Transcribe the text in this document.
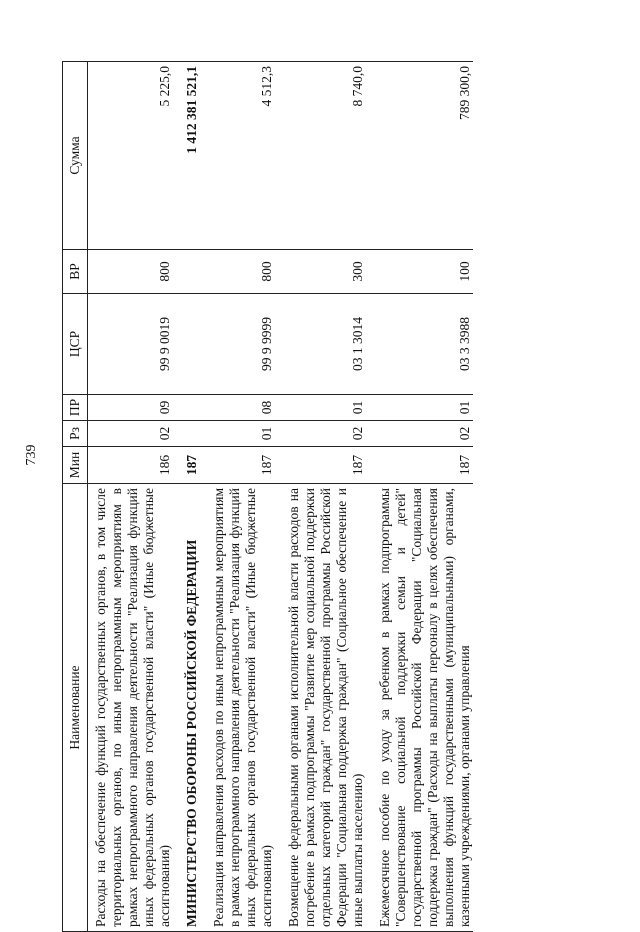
739
Наименование	Мин	Рз	ПР	ЦСР	ВР	Сумма
Расходы на обеспечение функций государственных органов, в том числе территориальных органов, по иным непрограммным мероприятиям в рамках непрограммного направления деятельности "Реализация функций иных федеральных органов государственной власти" (Иные бюджетные ассигнования)	186	02	09	99 9 0019	800	5 225,0
МИНИСТЕРСТВО ОБОРОНЫ РОССИЙСКОЙ ФЕДЕРАЦИИ	187					1 412 381 521,1
Реализация направления расходов по иным непрограммным мероприятиям в рамках непрограммного направления деятельности "Реализация функций иных федеральных органов государственной власти" (Иные бюджетные ассигнования)	187	01	08	99 9 9999	800	4 512,3
Возмещение федеральными органами исполнительной власти расходов на погребение в рамках подпрограммы "Развитие мер социальной поддержки отдельных категорий граждан" государственной программы Российской Федерации "Социальная поддержка граждан" (Социальное обеспечение и иные выплаты населению)	187	02	01	03 1 3014	300	8 740,0
Ежемесячное пособие по уходу за ребенком в рамках подпрограммы "Совершенствование социальной поддержки семьи и детей" государственной программы Российской Федерации "Социальная поддержка граждан" (Расходы на выплаты персоналу в целях обеспечения выполнения функций государственными (муниципальными) органами, казенными учреждениями, органами управления	187	02	01	03 3 3988	100	789 300,0
